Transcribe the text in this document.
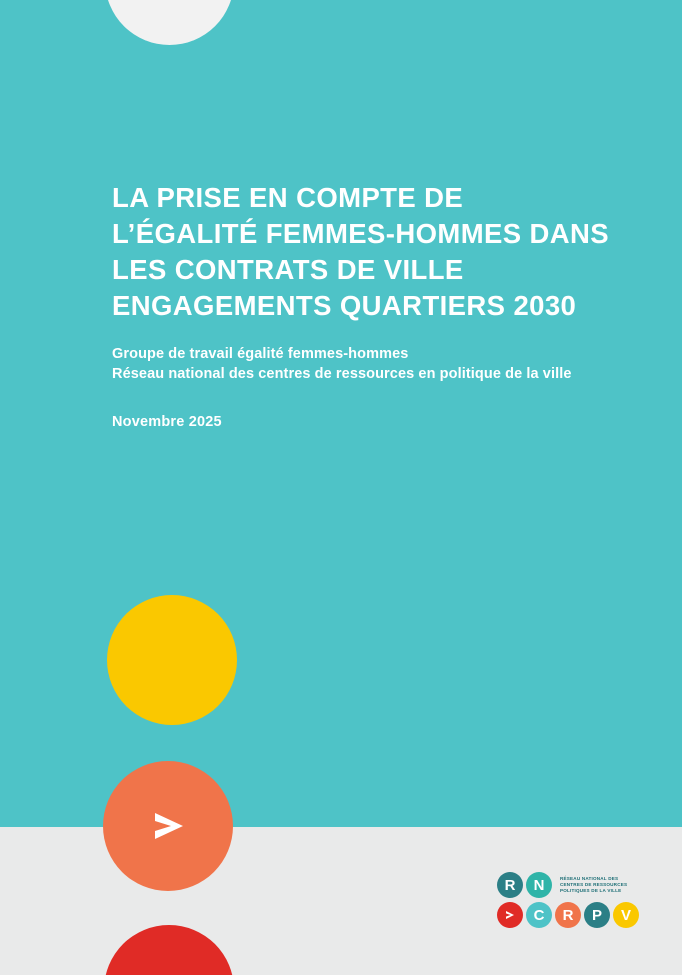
LA PRISE EN COMPTE DE L’ÉGALITÉ FEMMES-HOMMES DANS LES CONTRATS DE VILLE ENGAGEMENTS QUARTIERS 2030
Groupe de travail égalité femmes-hommes
Réseau national des centres de ressources en politique de la ville
Novembre 2025
R	N	RÉSEAU NATIONAL DES
CENTRES DE RESSOURCES
POLITIQUES DE LA VILLE
C	R	P	V
